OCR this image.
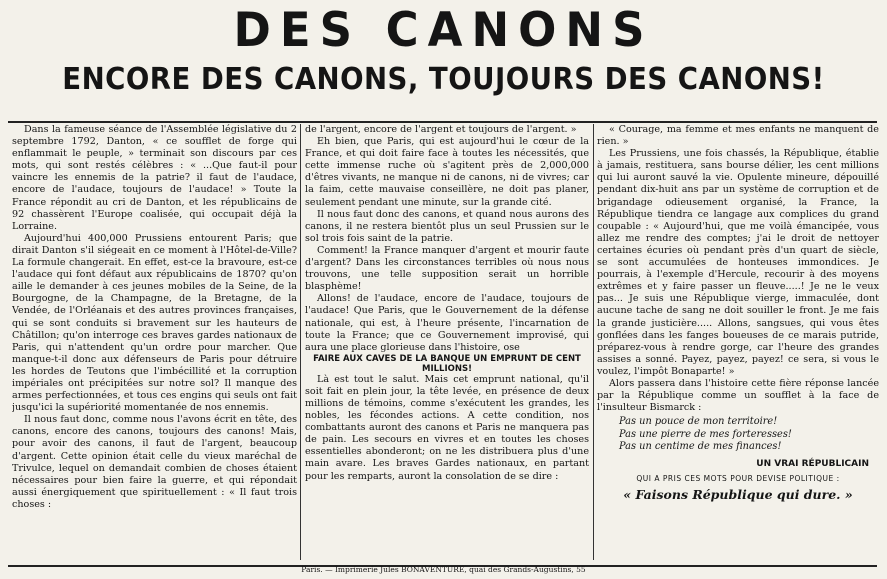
DES CANONS
ENCORE DES CANONS, TOUJOURS DES CANONS!

Dans la fameuse séance de l'Assemblée législative du 2 septembre 1792, Danton, « ce soufflet de forge qui enflammait le peuple, » terminait son discours par ces mots, qui sont restés célèbres : « ...Que faut-il pour vaincre les ennemis de la patrie? il faut de l'audace, encore de l'audace, toujours de l'audace! » Toute la France répondit au cri de Danton, et les républicains de 92 chassèrent l'Europe coalisée, qui occupait déjà la Lorraine.

Aujourd'hui 400,000 Prussiens entourent Paris; que dirait Danton s'il siégeait en ce moment à l'Hôtel-de-Ville? La formule changerait. En effet, est-ce la bravoure, est-ce l'audace qui font défaut aux républicains de 1870? qu'on aille le demander à ces jeunes mobiles de la Seine, de la Bourgogne, de la Champagne, de la Bretagne, de la Vendée, de l'Orléanais et des autres provinces françaises, qui se sont conduits si bravement sur les hauteurs de Châtillon; qu'on interroge ces braves gardes nationaux de Paris, qui n'attendent qu'un ordre pour marcher. Que manque-t-il donc aux défenseurs de Paris pour détruire les hordes de Teutons que l'imbécillité et la corruption impériales ont précipitées sur notre sol? Il manque des armes perfectionnées, et tous ces engins qui seuls ont fait jusqu'ici la supériorité momentanée de nos ennemis.

Il nous faut donc, comme nous l'avons écrit en tête, des canons, encore des canons, toujours des canons! Mais, pour avoir des canons, il faut de l'argent, beaucoup d'argent. Cette opinion était celle du vieux maréchal de Trivulce, lequel on demandait combien de choses étaient nécessaires pour bien faire la guerre, et qui répondait aussi énergiquement que spirituellement : « Il faut trois choses :

de l'argent, encore de l'argent et toujours de l'argent. »

Eh bien, que Paris, qui est aujourd'hui le cœur de la France, et qui doit faire face à toutes les nécessités, que cette immense ruche où s'agitent près de 2,000,000 d'êtres vivants, ne manque ni de canons, ni de vivres; car la faim, cette mauvaise conseillère, ne doit pas planer, seulement pendant une minute, sur la grande cité.

Il nous faut donc des canons, et quand nous aurons des canons, il ne restera bientôt plus un seul Prussien sur le sol trois fois saint de la patrie.

Comment! la France manquer d'argent et mourir faute d'argent? Dans les circonstances terribles où nous nous trouvons, une telle supposition serait un horrible blasphème!

Allons! de l'audace, encore de l'audace, toujours de l'audace! Que Paris, que le Gouvernement de la défense nationale, qui est, à l'heure présente, l'incarnation de toute la France; que ce Gouvernement improvisé, qui aura une place glorieuse dans l'histoire, ose

FAIRE AUX CAVES DE LA BANQUE UN EMPRUNT DE CENT MILLIONS!

Là est tout le salut. Mais cet emprunt national, qu'il soit fait en plein jour, la tête levée, en présence de deux millions de témoins, comme s'exécutent les grandes, les nobles, les fécondes actions. A cette condition, nos combattants auront des canons et Paris ne manquera pas de pain. Les secours en vivres et en toutes les choses essentielles abonderont; on ne les distribuera plus d'une main avare. Les braves Gardes nationaux, en partant pour les remparts, auront la consolation de se dire :

« Courage, ma femme et mes enfants ne manquent de rien. »

Les Prussiens, une fois chassés, la République, établie à jamais, restituera, sans bourse délier, les cent millions qui lui auront sauvé la vie. Opulente mineure, dépouillé pendant dix-huit ans par un système de corruption et de brigandage odieusement organisé, la France, la République tiendra ce langage aux complices du grand coupable : « Aujourd'hui, que me voilà émancipée, vous allez me rendre des comptes; j'ai le droit de nettoyer certaines écuries où pendant près d'un quart de siècle, se sont accumulées de honteuses immondices. Je pourrais, à l'exemple d'Hercule, recourir à des moyens extrêmes et y faire passer un fleuve.....! Je ne le veux pas... Je suis une République vierge, immaculée, dont aucune tache de sang ne doit souiller le front. Je me fais la grande justicière..... Allons, sangsues, qui vous êtes gonflées dans les fanges boueuses de ce marais putride, préparez-vous à rendre gorge, car l'heure des grandes assises a sonné. Payez, payez, payez! ce sera, si vous le voulez, l'impôt Bonaparte! »

Alors passera dans l'histoire cette fière réponse lancée par la République comme un soufflet à la face de l'insulteur Bismarck :

Pas un pouce de mon territoire!
Pas une pierre de mes forteresses!
Pas un centime de mes finances!
UN VRAI RÉPUBLICAIN
QUI A PRIS CES MOTS POUR DEVISE POLITIQUE :
« Faisons République qui dure. »
Paris. — Imprimerie Jules BONAVENTURE, quai des Grands-Augustins, 55
